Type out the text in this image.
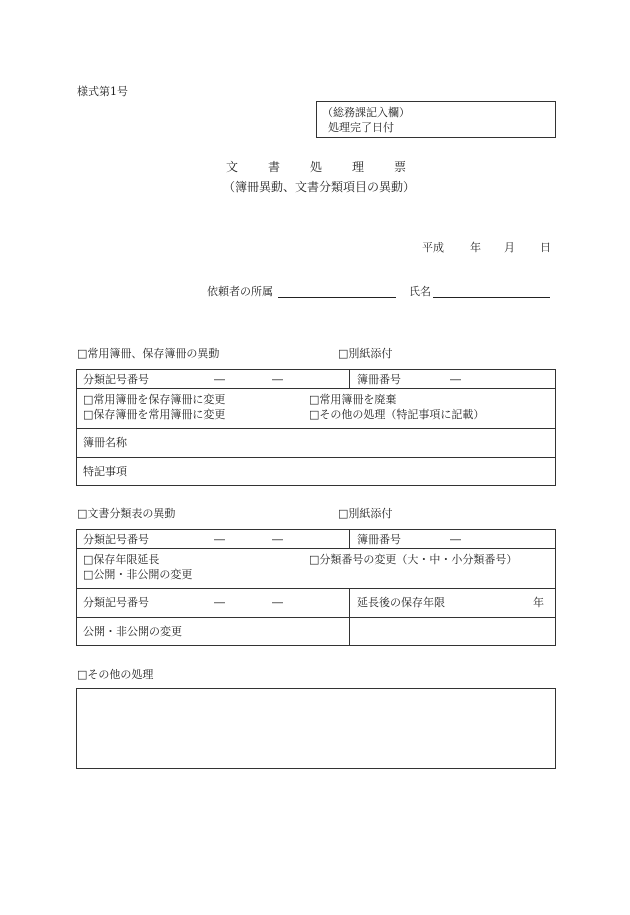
様式第1号
（総務課記入欄）
処理完了日付
文 書 処 理 票
（簿冊異動、文書分類項目の異動）
平成 年 月 日
依頼者の所属	氏名
□常用簿冊、保存簿冊の異動	□別紙添付
分類記号番号	―	―	簿冊番号	―
□常用簿冊を保存簿冊に変更	□常用簿冊を廃棄
□保存簿冊を常用簿冊に変更	□その他の処理（特記事項に記載）
簿冊名称
特記事項
□文書分類表の異動	□別紙添付
分類記号番号	―	―	簿冊番号	―
□保存年限延長	□分類番号の変更（大・中・小分類番号）
□公開・非公開の変更
分類記号番号	―	―	延長後の保存年限	年
公開・非公開の変更
□その他の処理
